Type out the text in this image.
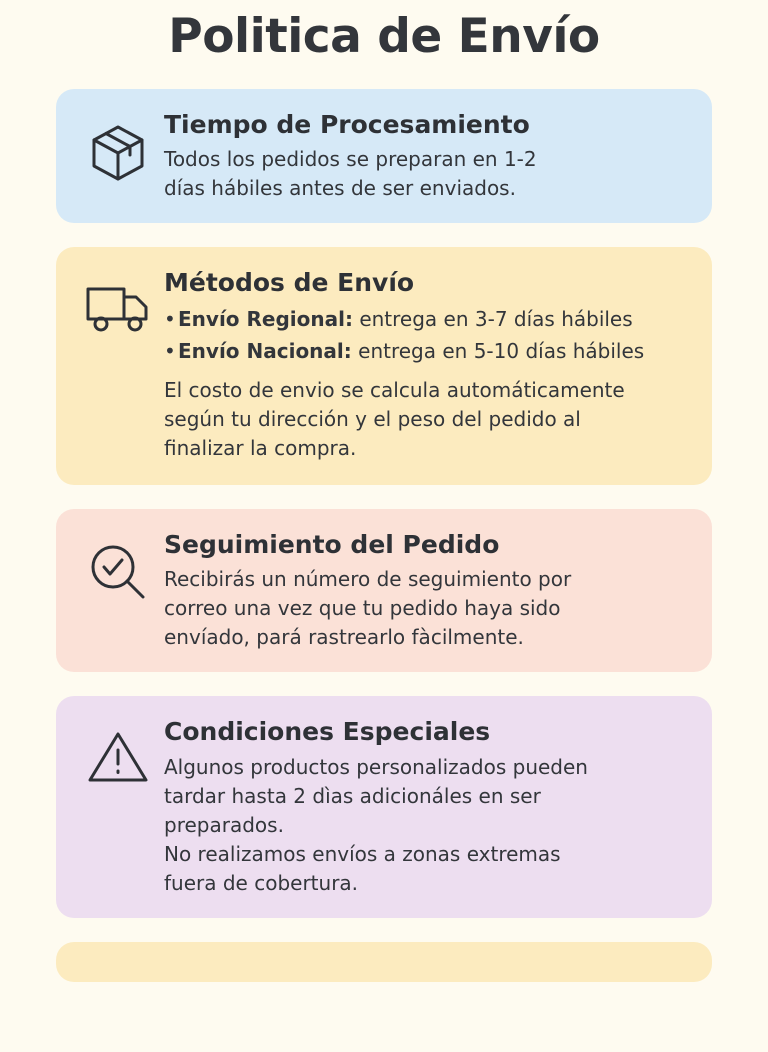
Politica de Envío
Tiempo de Procesamiento

Todos los pedidos se preparan en 1-2
días hábiles antes de ser enviados.

Métodos de Envío
• Envío Regional: entrega en 3-7 días hábiles
• Envío Nacional: entrega en 5-10 días hábiles

El costo de envio se calcula automáticamente
según tu dirección y el peso del pedido al
finalizar la compra.

Seguimiento del Pedido

Recibirás un número de seguimiento por
correo una vez que tu pedido haya sido
envíado, pará rastrearlo fàcilmente.

Condiciones Especiales

Algunos productos personalizados pueden
tardar hasta 2 dìas adicionáles en ser
preparados.
No realizamos envíos a zonas extremas
fuera de cobertura.
